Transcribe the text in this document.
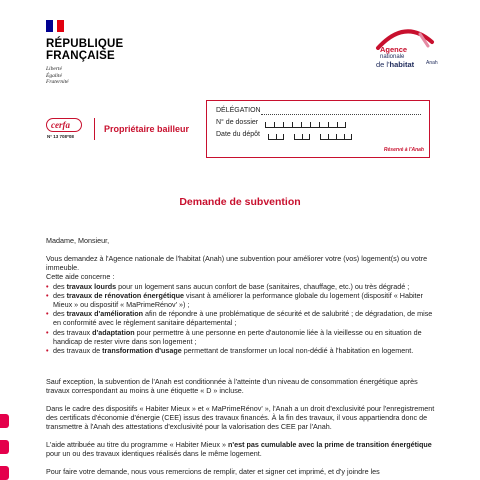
RÉPUBLIQUE FRANÇAISE
Liberté
Égalité
Fraternité
Agence
nationale
de l'habitat Anah
cerfa
N° 13 708*08
Propriétaire bailleur
DÉLÉGATION
N° de dossier
Date du dépôt
Réservé à l'Anah
Demande de subvention
Madame, Monsieur,
Vous demandez à l'Agence nationale de l'habitat (Anah) une subvention pour améliorer votre (vos) logement(s) ou votre immeuble.
Cette aide concerne :
• des travaux lourds pour un logement sans aucun confort de base (sanitaires, chauffage, etc.) ou très dégradé ;
• des travaux de rénovation énergétique visant à améliorer la performance globale du logement (dispositif « Habiter Mieux » ou dispositif « MaPrimeRénov' ») ;
• des travaux d'amélioration afin de répondre à une problématique de sécurité et de salubrité ; de dégradation, de mise en conformité avec le règlement sanitaire départemental ;
• des travaux d'adaptation pour permettre à une personne en perte d'autonomie liée à la vieillesse ou en situation de handicap de rester vivre dans son logement ;
• des travaux de transformation d'usage permettant de transformer un local non-dédié à l'habitation en logement.
Sauf exception, la subvention de l'Anah est conditionnée à l'atteinte d'un niveau de consommation énergétique après travaux correspondant au moins à une étiquette « D » incluse.
Dans le cadre des dispositifs « Habiter Mieux » et « MaPrimeRénov' », l'Anah a un droit d'exclusivité pour l'enregistrement des certificats d'économie d'énergie (CEE) issus des travaux financés. À la fin des travaux, il vous appartiendra donc de transmettre à l'Anah des attestations d'exclusivité pour la valorisation des CEE par l'Anah.
L'aide attribuée au titre du programme « Habiter Mieux » n'est pas cumulable avec la prime de transition énergétique pour un ou des travaux identiques réalisés dans le même logement.
Pour faire votre demande, nous vous remercions de remplir, dater et signer cet imprimé, et d'y joindre les
